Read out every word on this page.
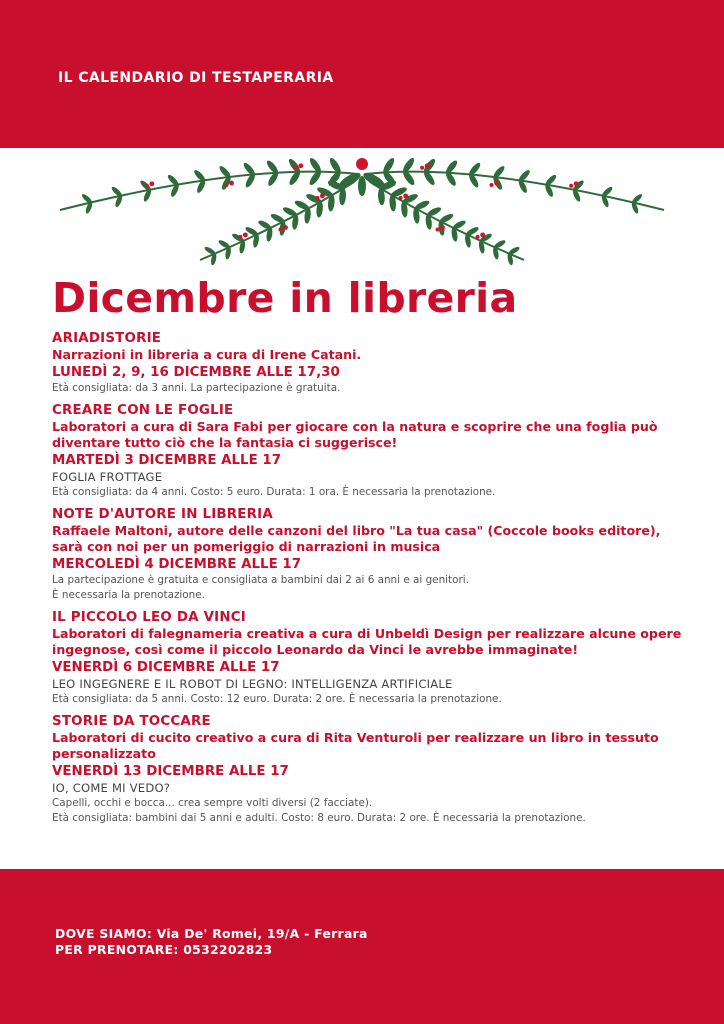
IL CALENDARIO DI TESTAPERARIA
Dicembre in libreria
ARIADISTORIE
Narrazioni in libreria a cura di Irene Catani.
LUNEDÌ 2, 9, 16 DICEMBRE ALLE 17,30
Età consigliata: da 3 anni. La partecipazione è gratuita.
CREARE CON LE FOGLIE
Laboratori a cura di Sara Fabi per giocare con la natura e scoprire che una foglia può diventare tutto ciò che la fantasia ci suggerisce!
MARTEDÌ 3 DICEMBRE ALLE 17
FOGLIA FROTTAGE
Età consigliata: da 4 anni. Costo: 5 euro. Durata: 1 ora. È necessaria la prenotazione.
NOTE D'AUTORE IN LIBRERIA
Raffaele Maltoni, autore delle canzoni del libro "La tua casa" (Coccole books editore), sarà con noi per un pomeriggio di narrazioni in musica
MERCOLEDÌ 4 DICEMBRE ALLE 17
La partecipazione è gratuita e consigliata a bambini dai 2 ai 6 anni e ai genitori.
È necessaria la prenotazione.
IL PICCOLO LEO DA VINCI
Laboratori di falegnameria creativa a cura di Unbeldì Design per realizzare alcune opere ingegnose, così come il piccolo Leonardo da Vinci le avrebbe immaginate!
VENERDÌ 6 DICEMBRE ALLE 17
LEO INGEGNERE E IL ROBOT DI LEGNO: INTELLIGENZA ARTIFICIALE
Età consigliata: da 5 anni. Costo: 12 euro. Durata: 2 ore. È necessaria la prenotazione.
STORIE DA TOCCARE
Laboratori di cucito creativo a cura di Rita Venturoli per realizzare un libro in tessuto personalizzato
VENERDÌ 13 DICEMBRE ALLE 17
IO, COME MI VEDO?
Capelli, occhi e bocca... crea sempre volti diversi (2 facciate).
Età consigliata: bambini dai 5 anni e adulti. Costo: 8 euro. Durata: 2 ore. È necessaria la prenotazione.
DOVE SIAMO: Via De' Romei, 19/A - Ferrara
PER PRENOTARE: 0532202823
